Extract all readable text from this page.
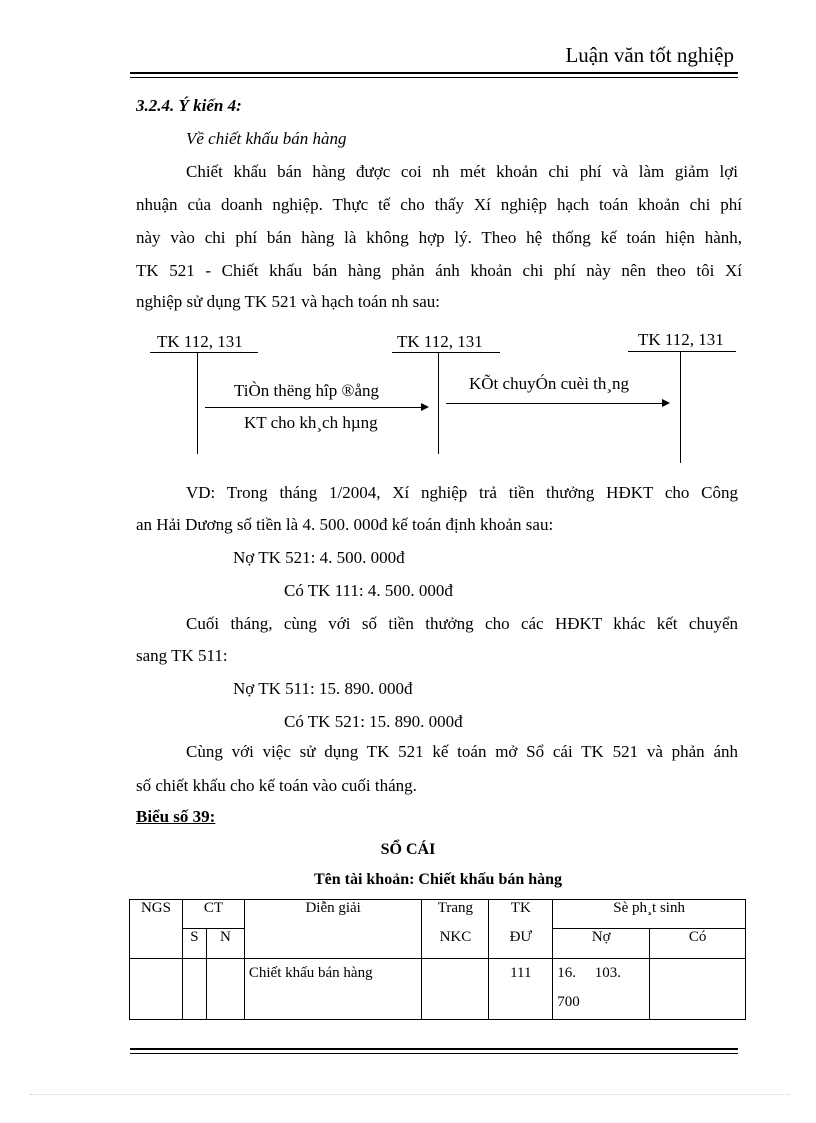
Luận văn tốt nghiệp
3.2.4. Ý kiến 4:
Về chiết khấu bán hàng
Chiết khấu bán hàng được coi nh mét khoản chi phí và làm giảm lợi
nhuận của doanh nghiệp. Thực tế cho thấy Xí nghiệp hạch toán khoản chi phí
này vào chi phí bán hàng là không hợp lý. Theo hệ thống kế toán hiện hành,
TK 521 - Chiết khấu bán hàng phản ánh khoản chi phí này nên theo tôi Xí
nghiệp sử dụng TK 521 và hạch toán nh sau:
TK 112, 131	TK 112, 131	TK 112, 131
TiÒn thëng hîp ®ång
KT cho kh¸ch hµng
KÕt chuyÓn cuèi th¸ng
VD: Trong tháng 1/2004, Xí nghiệp trả tiền thưởng HĐKT cho Công
an Hải Dương số tiền là 4. 500. 000đ kế toán định khoản sau:
Nợ TK 521: 4. 500. 000đ
Có TK 111: 4. 500. 000đ
Cuối tháng, cùng với số tiền thưởng cho các HĐKT khác kết chuyển
sang TK 511:
Nợ TK 511: 15. 890. 000đ
Có TK 521: 15. 890. 000đ
Cùng với việc sử dụng TK 521 kế toán mở Sổ cái TK 521 và phản ánh
số chiết khấu cho kế toán vào cuối tháng.
Biểu số 39:
SỔ CÁI
Tên tài khoản: Chiết khấu bán hàng
NGS	CT		Diễn giải	Trang	TK	Sè ph¸t sinh	
	S	N		NKC	ĐƯ	Nợ	Có
			Chiết khấu bán hàng		111	16.     103.
700	
